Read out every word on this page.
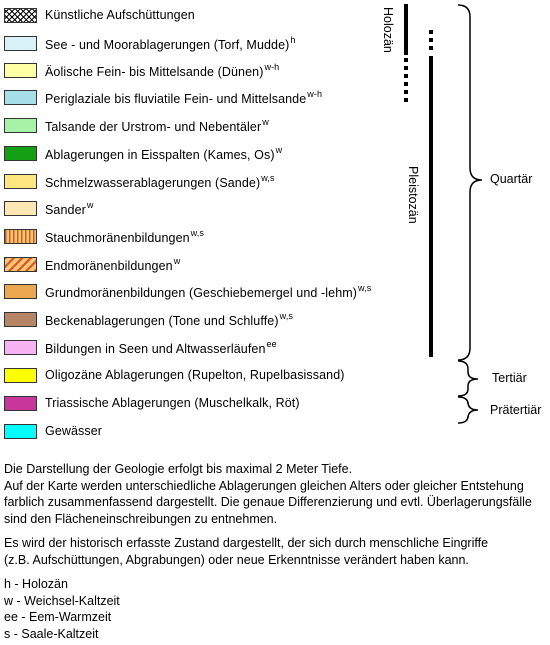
Künstliche Aufschüttungen
See - und Moorablagerungen (Torf, Mudde)$^h$
Äolische Fein- bis Mittelsande (Dünen)$^{w-h}$
Periglaziale bis fluviatile Fein- und Mittelsande$^{w-h}$
Talsande der Urstrom- und Nebentäler$^w$
Ablagerungen in Eisspalten (Kames, Os)$^w$
Schmelzwasserablagerungen (Sande)$^{w,s}$
Sander$^w$
Stauchmoränenbildungen$^{w,s}$
Endmoränenbildungen$^w$
Grundmoränenbildungen (Geschiebemergel und -lehm)$^{w,s}$
Beckenablagerungen (Tone und Schluffe)$^{w,s}$
Bildungen in Seen und Altwasserläufen$^{ee}$
Oligozäne Ablagerungen (Rupelton, Rupelbasissand)
Triassische Ablagerungen (Muschelkalk, Röt)
Gewässer
Holozän
Pleistozän	Quartär
Tertiär
Prätertiär
Die Darstellung der Geologie erfolgt bis maximal 2 Meter Tiefe.
Auf der Karte werden unterschiedliche Ablagerungen gleichen Alters oder gleicher Entstehung
farblich zusammenfassend dargestellt. Die genaue Differenzierung und evtl. Überlagerungsfälle
sind den Flächeneinschreibungen zu entnehmen.
Es wird der historisch erfasste Zustand dargestellt, der sich durch menschliche Eingriffe
(z.B. Aufschüttungen, Abgrabungen) oder neue Erkenntnisse verändert haben kann.
h - Holozän
w - Weichsel-Kaltzeit
ee - Eem-Warmzeit
s - Saale-Kaltzeit
